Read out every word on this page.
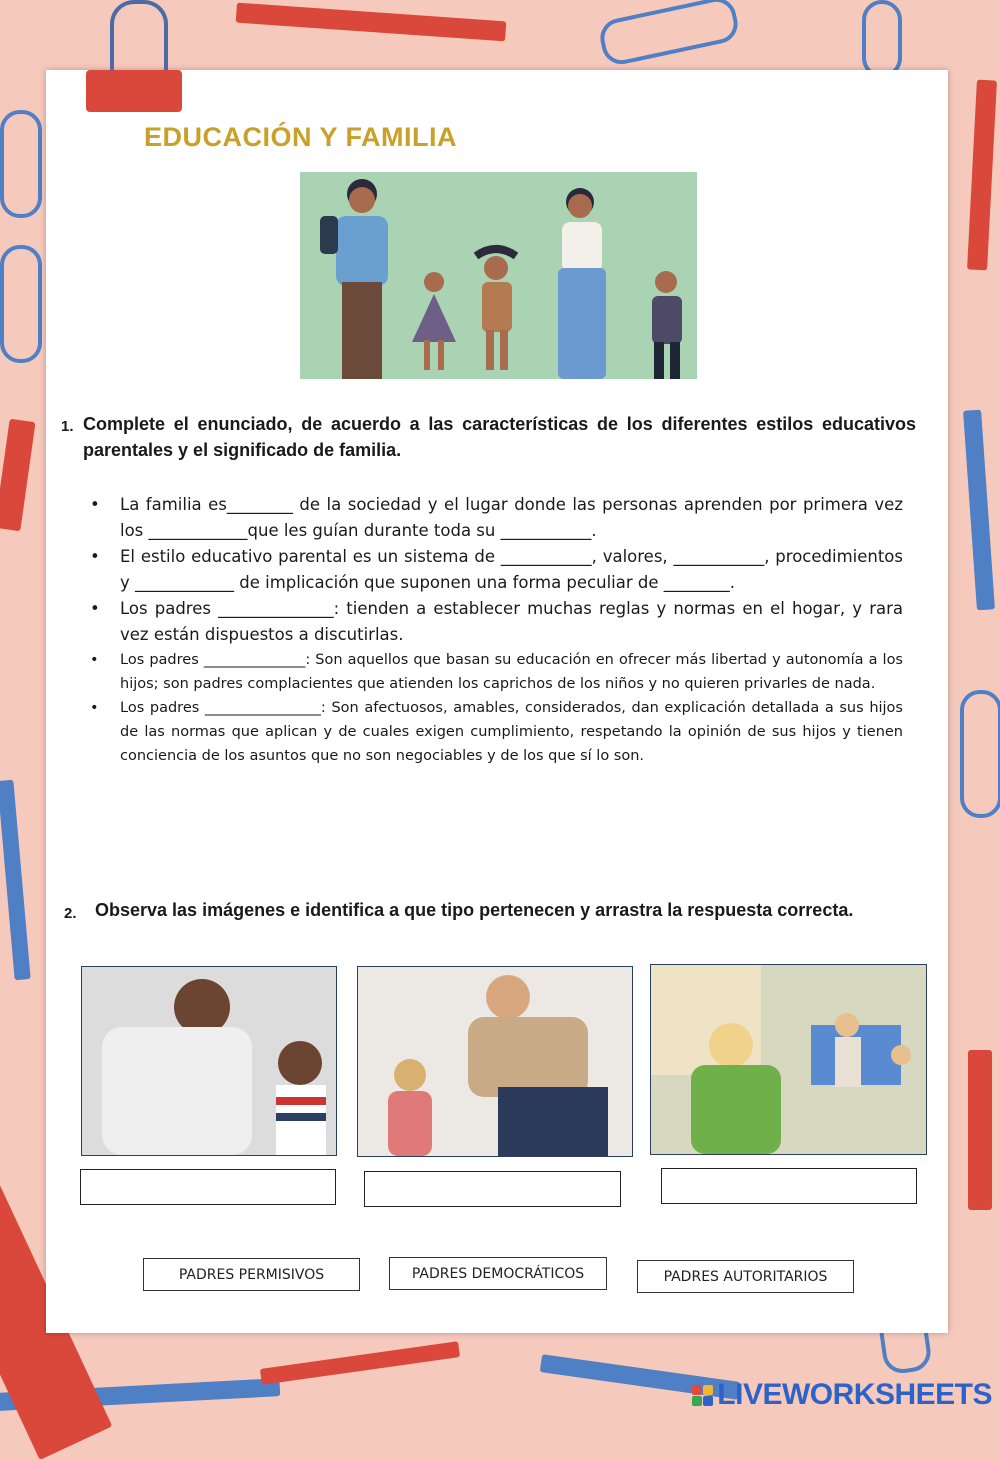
EDUCACIÓN Y FAMILIA
1. Complete el enunciado, de acuerdo a las características de los diferentes estilos educativos parentales y el significado de familia.
• La familia es________ de la sociedad y el lugar donde las personas aprenden por primera vez los ____________que les guían durante toda su ___________.
• El estilo educativo parental es un sistema de ___________, valores, ___________, procedimientos y ____________ de implicación que suponen una forma peculiar de ________.
• Los padres ______________: tienden a establecer muchas reglas y normas en el hogar, y rara vez están dispuestos a discutirlas.
• Los padres ______________: Son aquellos que basan su educación en ofrecer más libertad y autonomía a los hijos; son padres complacientes que atienden los caprichos de los niños y no quieren privarles de nada.
• Los padres ________________: Son afectuosos, amables, considerados, dan explicación detallada a sus hijos de las normas que aplican y de cuales exigen cumplimiento, respetando la opinión de sus hijos y tienen conciencia de los asuntos que no son negociables y de los que sí lo son.
2. Observa las imágenes e identifica a que tipo pertenecen y arrastra la respuesta correcta.
PADRES PERMISIVOS	PADRES DEMOCRÁTICOS	PADRES AUTORITARIOS
LIVEWORKSHEETS
